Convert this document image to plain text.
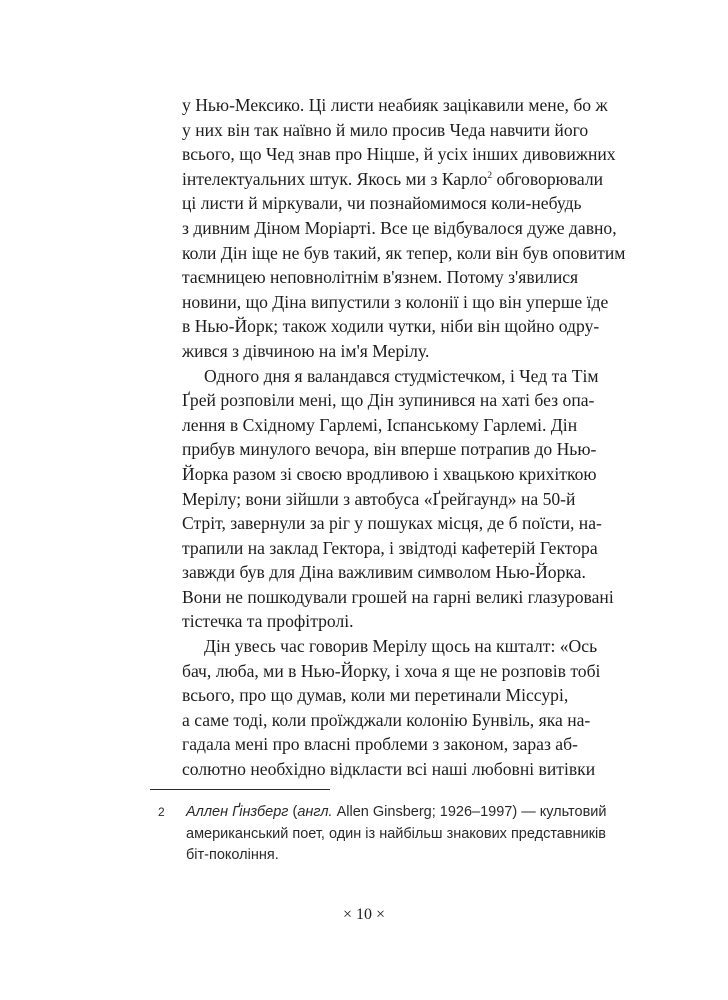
у Нью-Мексико. Ці листи неабияк зацікавили мене, бо ж
у них він так наївно й мило просив Чеда навчити його
всього, що Чед знав про Ніцше, й усіх інших дивовижних
інтелектуальних штук. Якось ми з Карло$^2$ обговорювали
ці листи й міркували, чи познайомимося коли-небудь
з дивним Діном Моріарті. Все це відбувалося дуже давно,
коли Дін іще не був такий, як тепер, коли він був оповитим
таємницею неповнолітнім в'язнем. Потому з'явилися
новини, що Діна випустили з колонії і що він уперше їде
в Нью-Йорк; також ходили чутки, ніби він щойно одру-
жився з дівчиною на ім'я Мерілу.
Одного дня я валандався студмістечком, і Чед та Тім
Ґрей розповіли мені, що Дін зупинився на хаті без опа-
лення в Східному Гарлемі, Іспанському Гарлемі. Дін
прибув минулого вечора, він вперше потрапив до Нью-
Йорка разом зі своєю вродливою і хвацькою крихіткою
Мерілу; вони зійшли з автобуса «Ґрейгаунд» на 50-й
Стріт, завернули за ріг у пошуках місця, де б поїсти, на-
трапили на заклад Гектора, і звідтоді кафетерій Гектора
завжди був для Діна важливим символом Нью-Йорка.
Вони не пошкодували грошей на гарні великі глазуровані
тістечка та профітролі.
Дін увесь час говорив Мерілу щось на кшталт: «Ось
бач, люба, ми в Нью-Йорку, і хоча я ще не розповів тобі
всього, про що думав, коли ми перетинали Міссурі,
а саме тоді, коли проїжджали колонію Бунвіль, яка на-
гадала мені про власні проблеми з законом, зараз аб-
солютно необхідно відкласти всі наші любовні витівки
2 Аллен Ґінзберг (англ. Allen Ginsberg; 1926–1997) — культовий
американський поет, один із найбільш знакових представників
біт-покоління.
× 10 ×
